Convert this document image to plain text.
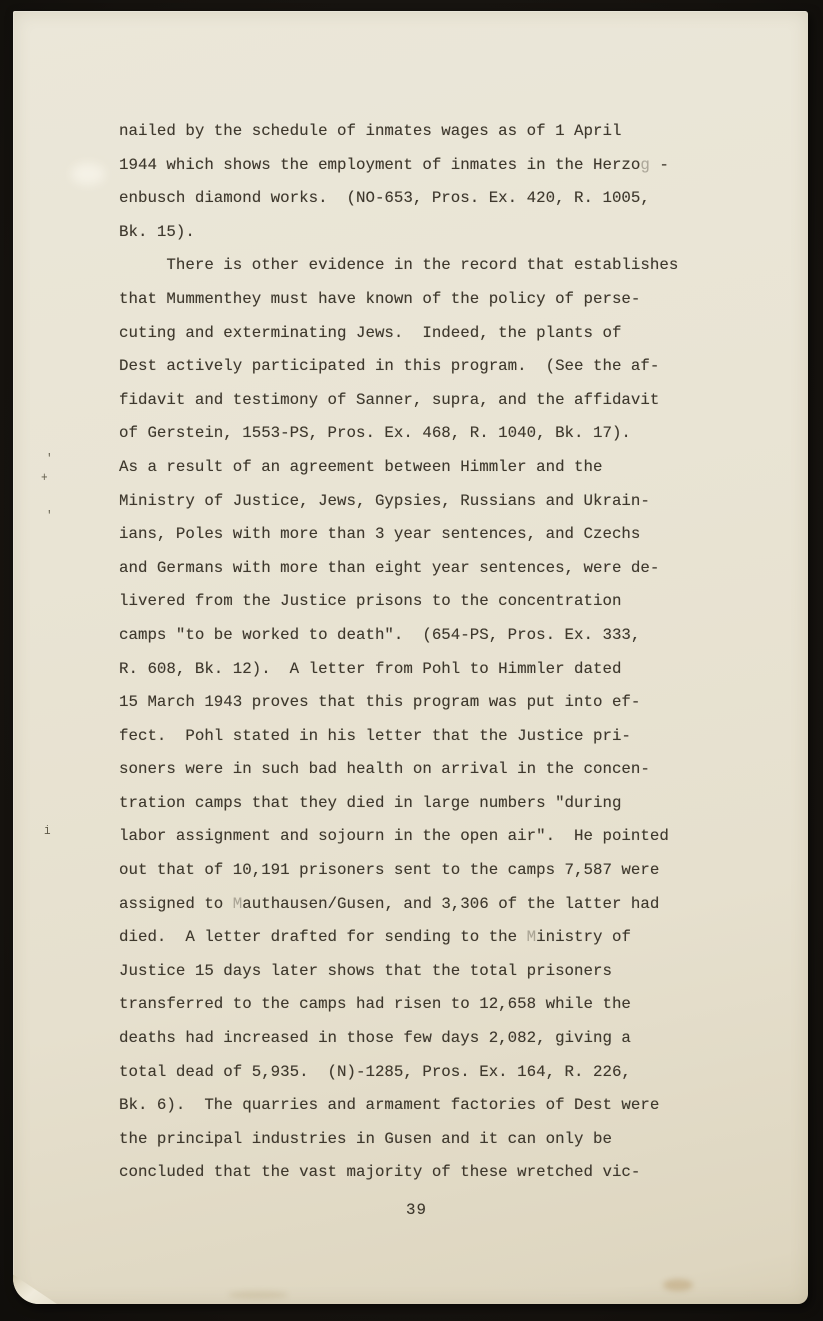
'
+
'
i
nailed by the schedule of inmates wages as of 1 April
1944 which shows the employment of inmates in the Herzog -
enbusch diamond works.  (NO-653, Pros. Ex. 420, R. 1005,
Bk. 15).
There is other evidence in the record that establishes
that Mummenthey must have known of the policy of perse-
cuting and exterminating Jews.  Indeed, the plants of
Dest actively participated in this program.  (See the af-
fidavit and testimony of Sanner, supra, and the affidavit
of Gerstein, 1553-PS, Pros. Ex. 468, R. 1040, Bk. 17).
As a result of an agreement between Himmler and the
Ministry of Justice, Jews, Gypsies, Russians and Ukrain-
ians, Poles with more than 3 year sentences, and Czechs
and Germans with more than eight year sentences, were de-
livered from the Justice prisons to the concentration
camps "to be worked to death".  (654-PS, Pros. Ex. 333,
R. 608, Bk. 12).  A letter from Pohl to Himmler dated
15 March 1943 proves that this program was put into ef-
fect.  Pohl stated in his letter that the Justice pri-
soners were in such bad health on arrival in the concen-
tration camps that they died in large numbers "during
labor assignment and sojourn in the open air".  He pointed
out that of 10,191 prisoners sent to the camps 7,587 were
assigned to Mauthausen/Gusen, and 3,306 of the latter had
died.  A letter drafted for sending to the Ministry of
Justice 15 days later shows that the total prisoners
transferred to the camps had risen to 12,658 while the
deaths had increased in those few days 2,082, giving a
total dead of 5,935.  (N)-1285, Pros. Ex. 164, R. 226,
Bk. 6).  The quarries and armament factories of Dest were
the principal industries in Gusen and it can only be
concluded that the vast majority of these wretched vic-
39
